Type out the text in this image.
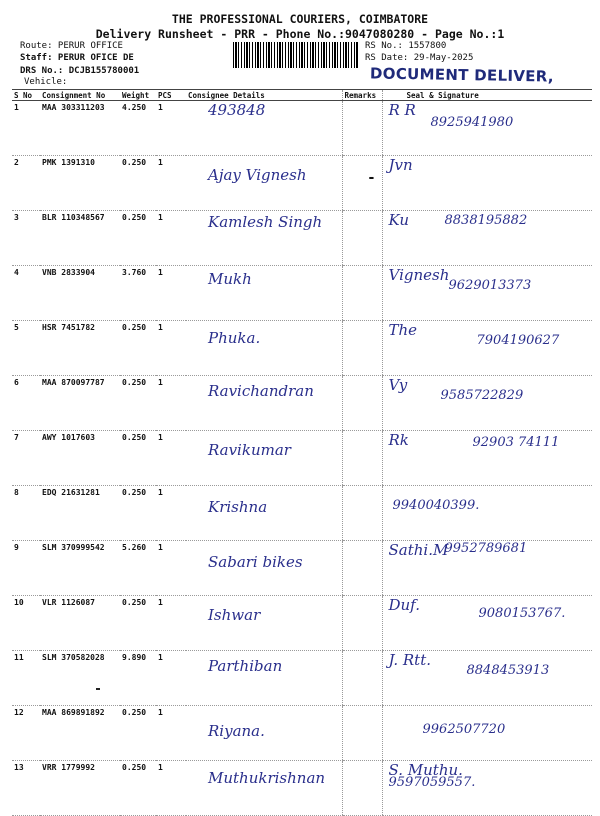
THE PROFESSIONAL COURIERS, COIMBATORE
Delivery Runsheet - PRR - Phone No.:9047080280 - Page No.:1
Route: PERUR OFFICE
Staff: PERUR OFICE DE
DRS No.: DCJB155780001
Vehicle:
RS No.: 1557800
RS Date: 29-May-2025
DOCUMENT DELIVER,
S No	Consignment No	Weight	PCS	Consignee Details	Remarks	Seal & Signature
1	MAA 303311203	4.250	1	493848		R R
8925941980

2	PMK 1391310	0.250	1	Ajay Vignesh	-	Jvn

3	BLR 110348567	0.250	1	Kamlesh Singh		Ku 8838195882

4	VNB 2833904	3.760	1	Mukh		Vignesh
9629013373

5	HSR 7451782	0.250	1	Phuka.		The
7904190627

6	MAA 870097787	0.250	1	Ravichandran		Vy
9585722829

7	AWY 1017603	0.250	1	Ravikumar		Rk 92903 74111

8	EDQ 21631281	0.250	1	Krishna		9940040399.

9	SLM 370999542	5.260	1	Sabari bikes		Sathi.M
9952789681

10	VLR 1126087	0.250	1	Ishwar		Duf. 9080153767.

11	SLM 370582028	9.890	1	Parthiban		J. Rtt.
8848453913

12	MAA 869891892	0.250	1	Riyana.		9962507720

13	VRR 1779992	0.250	1	Muthukrishnan		S. Muthu.
9597059557.
